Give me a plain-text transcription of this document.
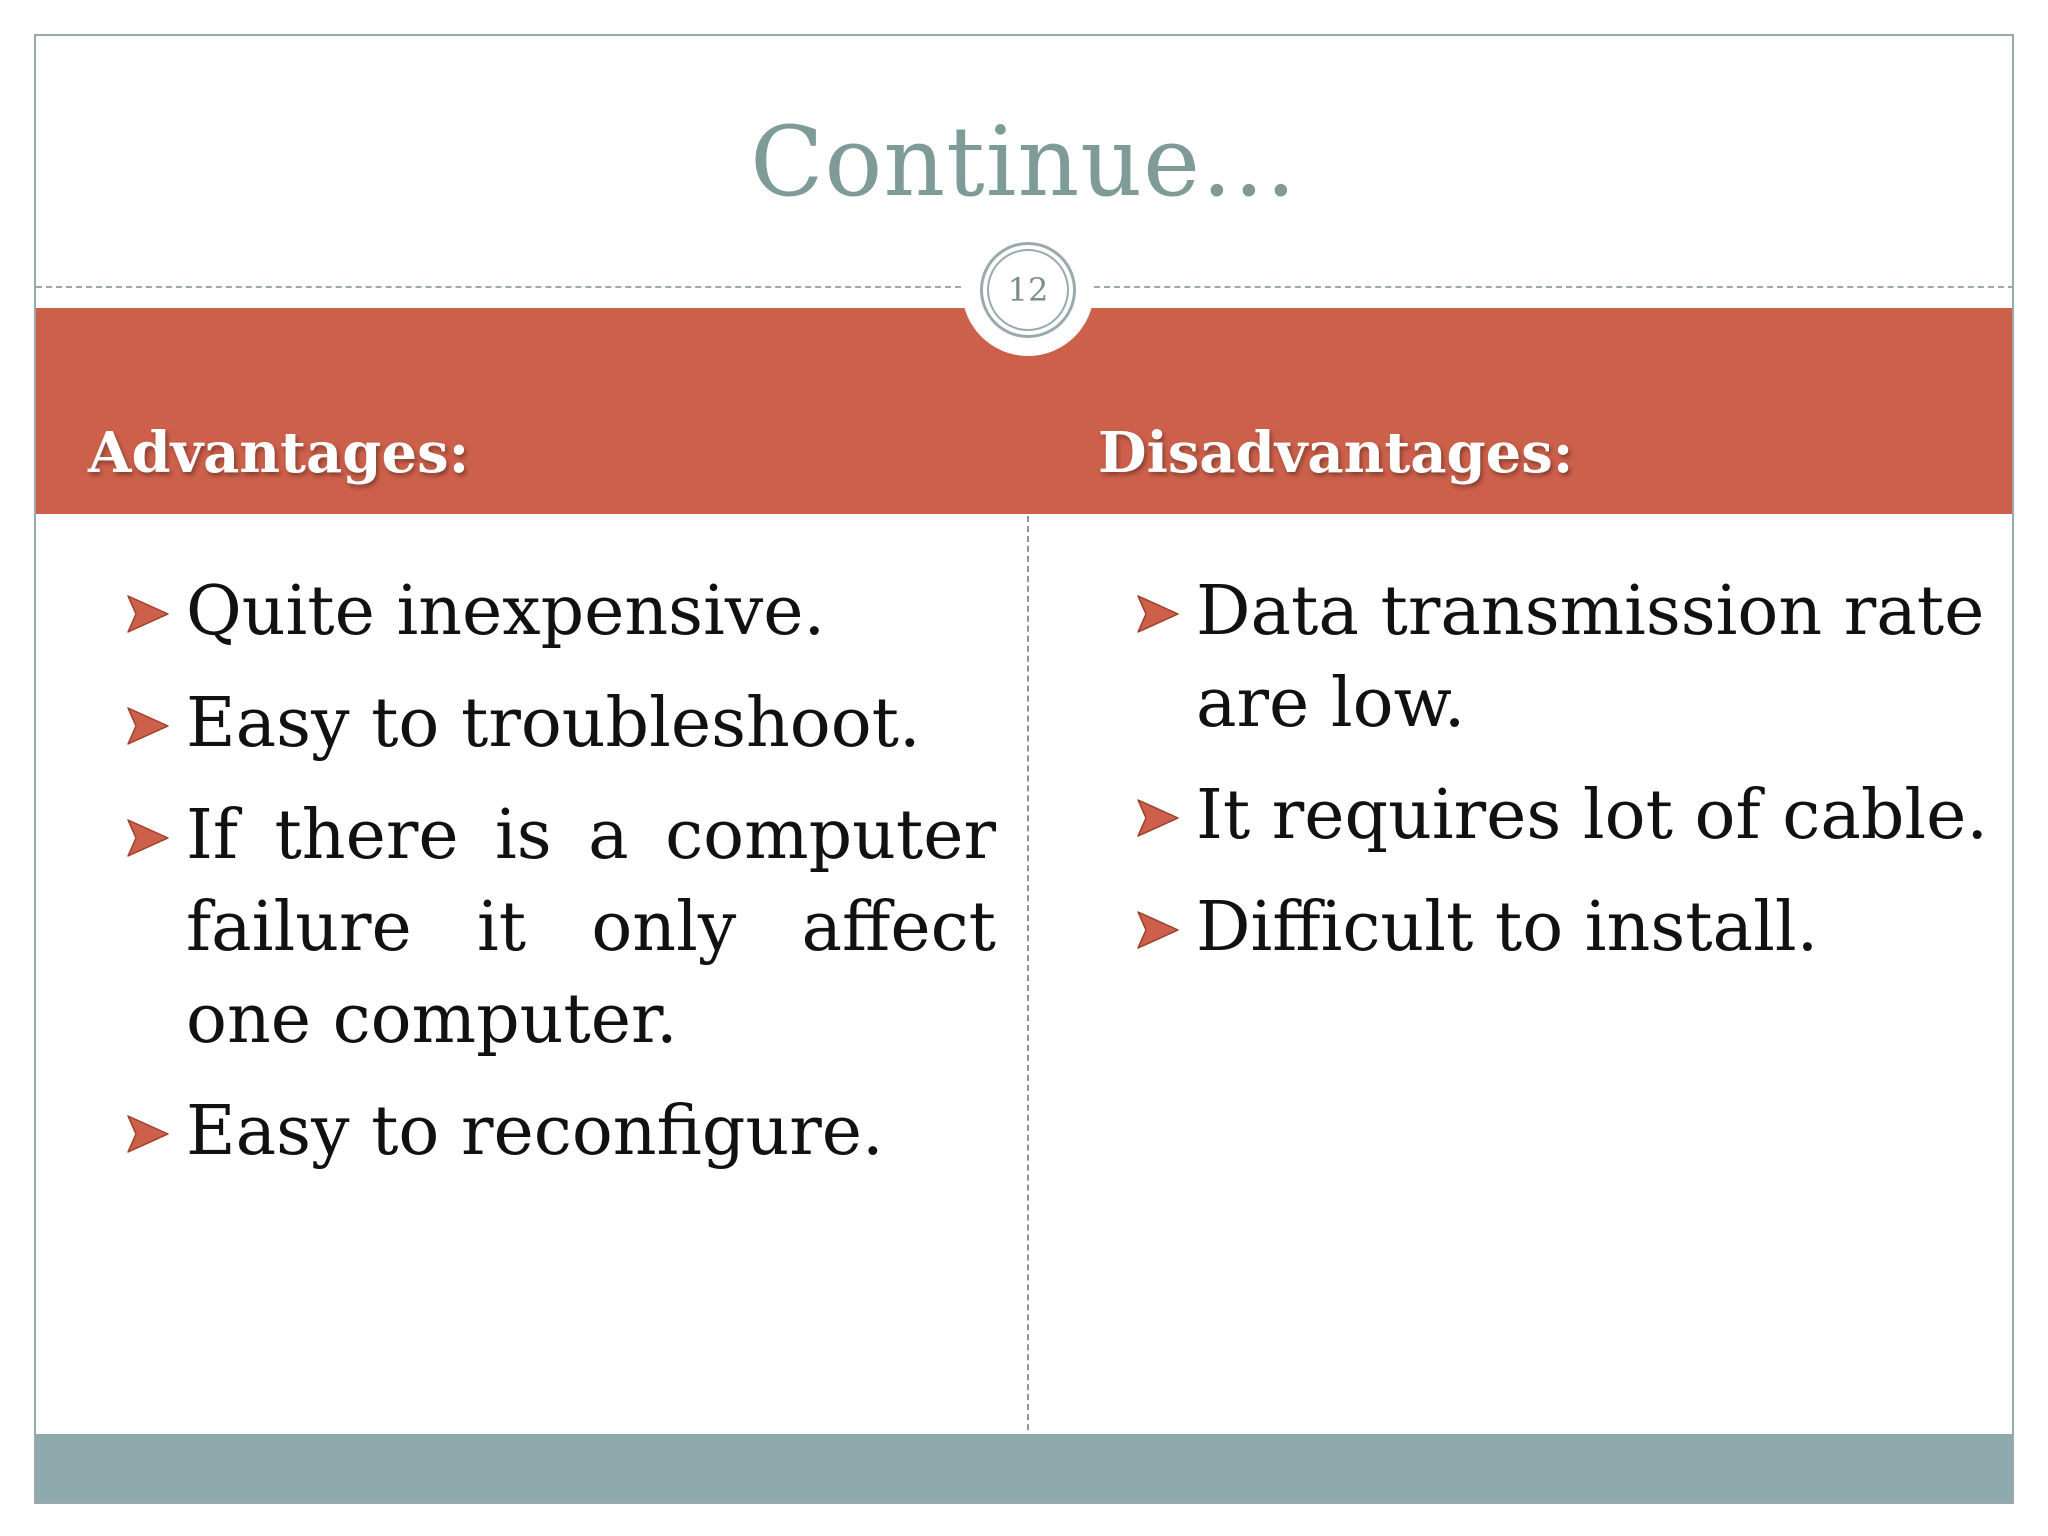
Continue…
Advantages:	Disadvantages:
12
Quite inexpensive.
Easy to troubleshoot.
If there is a computer failure it only affect one computer.
Easy to reconfigure.
Data transmission rate are low.
It requires lot of cable.
Difficult to install.
